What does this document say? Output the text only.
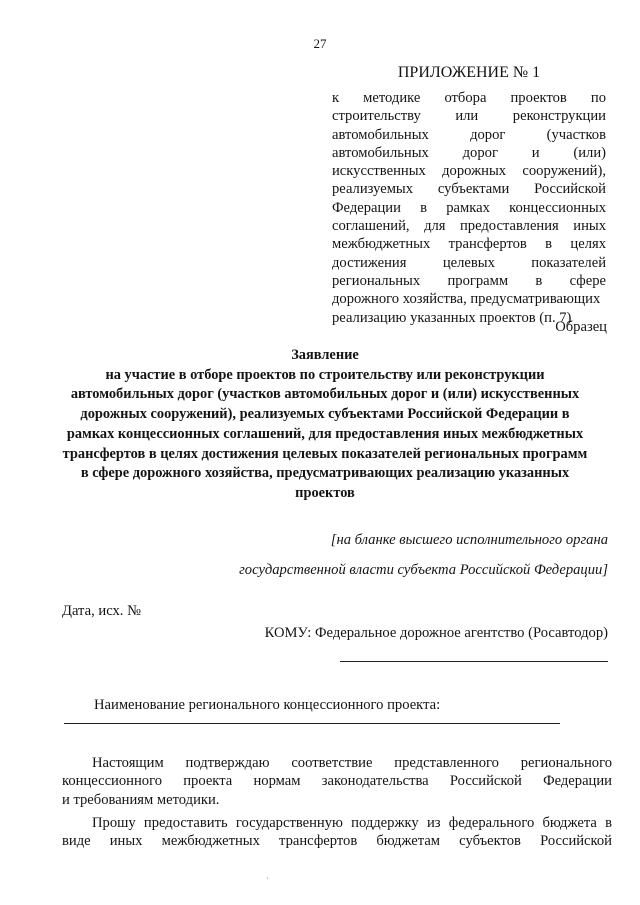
27
ПРИЛОЖЕНИЕ № 1
к методике отбора проектов по
строительству или реконструкции
автомобильных дорог (участков
автомобильных дорог и (или)
искусственных дорожных сооружений),
реализуемых субъектами Российской
Федерации в рамках концессионных
соглашений, для предоставления иных
межбюджетных трансфертов в целях
достижения целевых показателей
региональных программ в сфере
дорожного хозяйства, предусматривающих
реализацию указанных проектов (п. 7)
Образец
Заявление
на участие в отборе проектов по строительству или реконструкции
автомобильных дорог (участков автомобильных дорог и (или) искусственных
дорожных сооружений), реализуемых субъектами Российской Федерации в
рамках концессионных соглашений, для предоставления иных межбюджетных
трансфертов в целях достижения целевых показателей региональных программ
в сфере дорожного хозяйства, предусматривающих реализацию указанных
проектов
[на бланке высшего исполнительного органа
государственной власти субъекта Российской Федерации]
Дата, исх. №
КОМУ: Федеральное дорожное агентство (Росавтодор)
Наименование регионального концессионного проекта:
Настоящим подтверждаю соответствие представленного регионального
концессионного проекта нормам законодательства Российской Федерации
и требованиям методики.
Прошу предоставить государственную поддержку из федерального бюджета в
виде иных межбюджетных трансфертов бюджетам субъектов Российской
·
